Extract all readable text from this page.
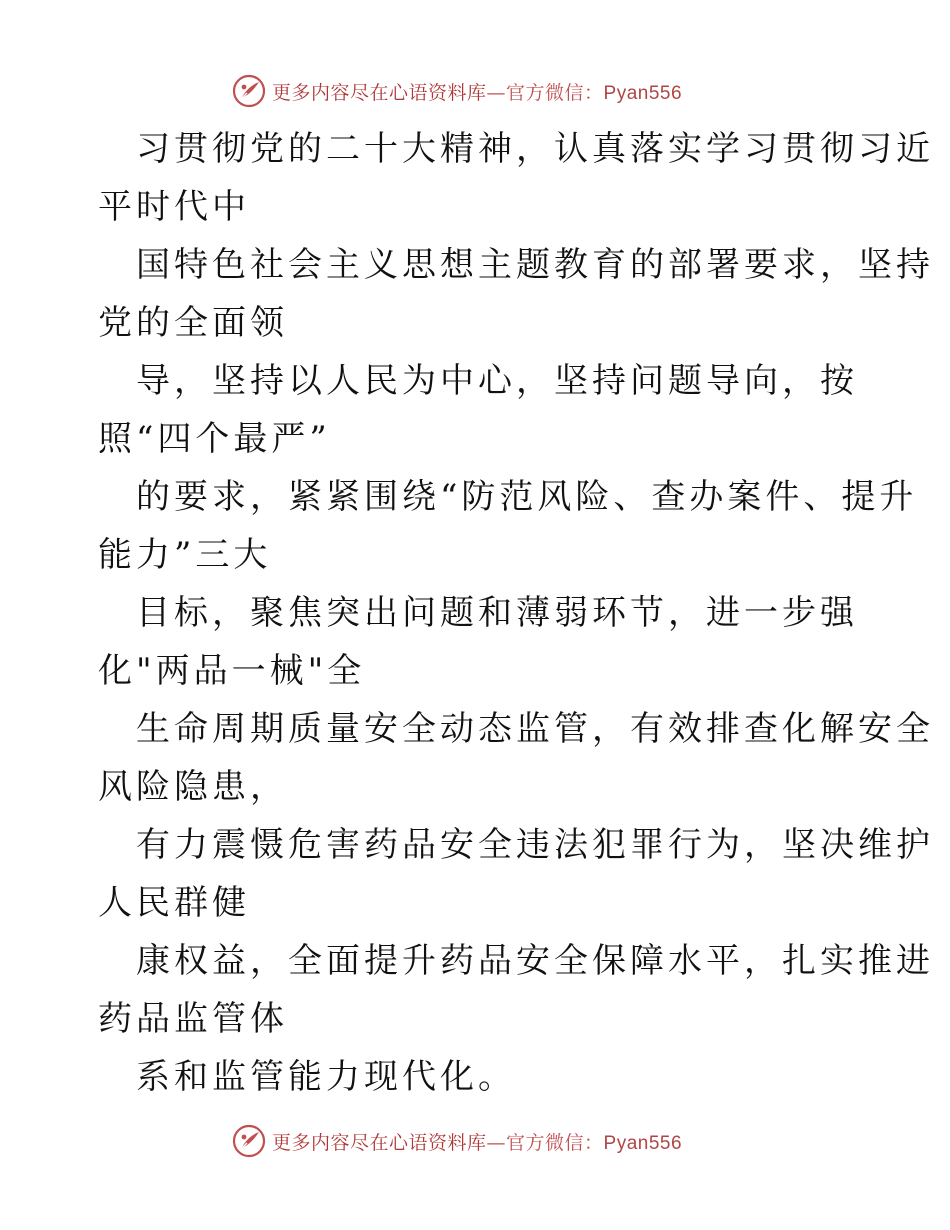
更多内容尽在心语资料库—官方微信：Pyan556

习贯彻党的二十大精神，认真落实学习贯彻习近
平时代中

国特色社会主义思想主题教育的部署要求，坚持
党的全面领

导，坚持以人民为中心，坚持问题导向，按
照“四个最严”

的要求，紧紧围绕“防范风险、查办案件、提升
能力”三大

目标，聚焦突出问题和薄弱环节，进一步强
化"两品一械"全

生命周期质量安全动态监管，有效排查化解安全
风险隐患，

有力震慑危害药品安全违法犯罪行为，坚决维护
人民群健

康权益，全面提升药品安全保障水平，扎实推进
药品监管体

系和监管能力现代化。

更多内容尽在心语资料库—官方微信：Pyan556
